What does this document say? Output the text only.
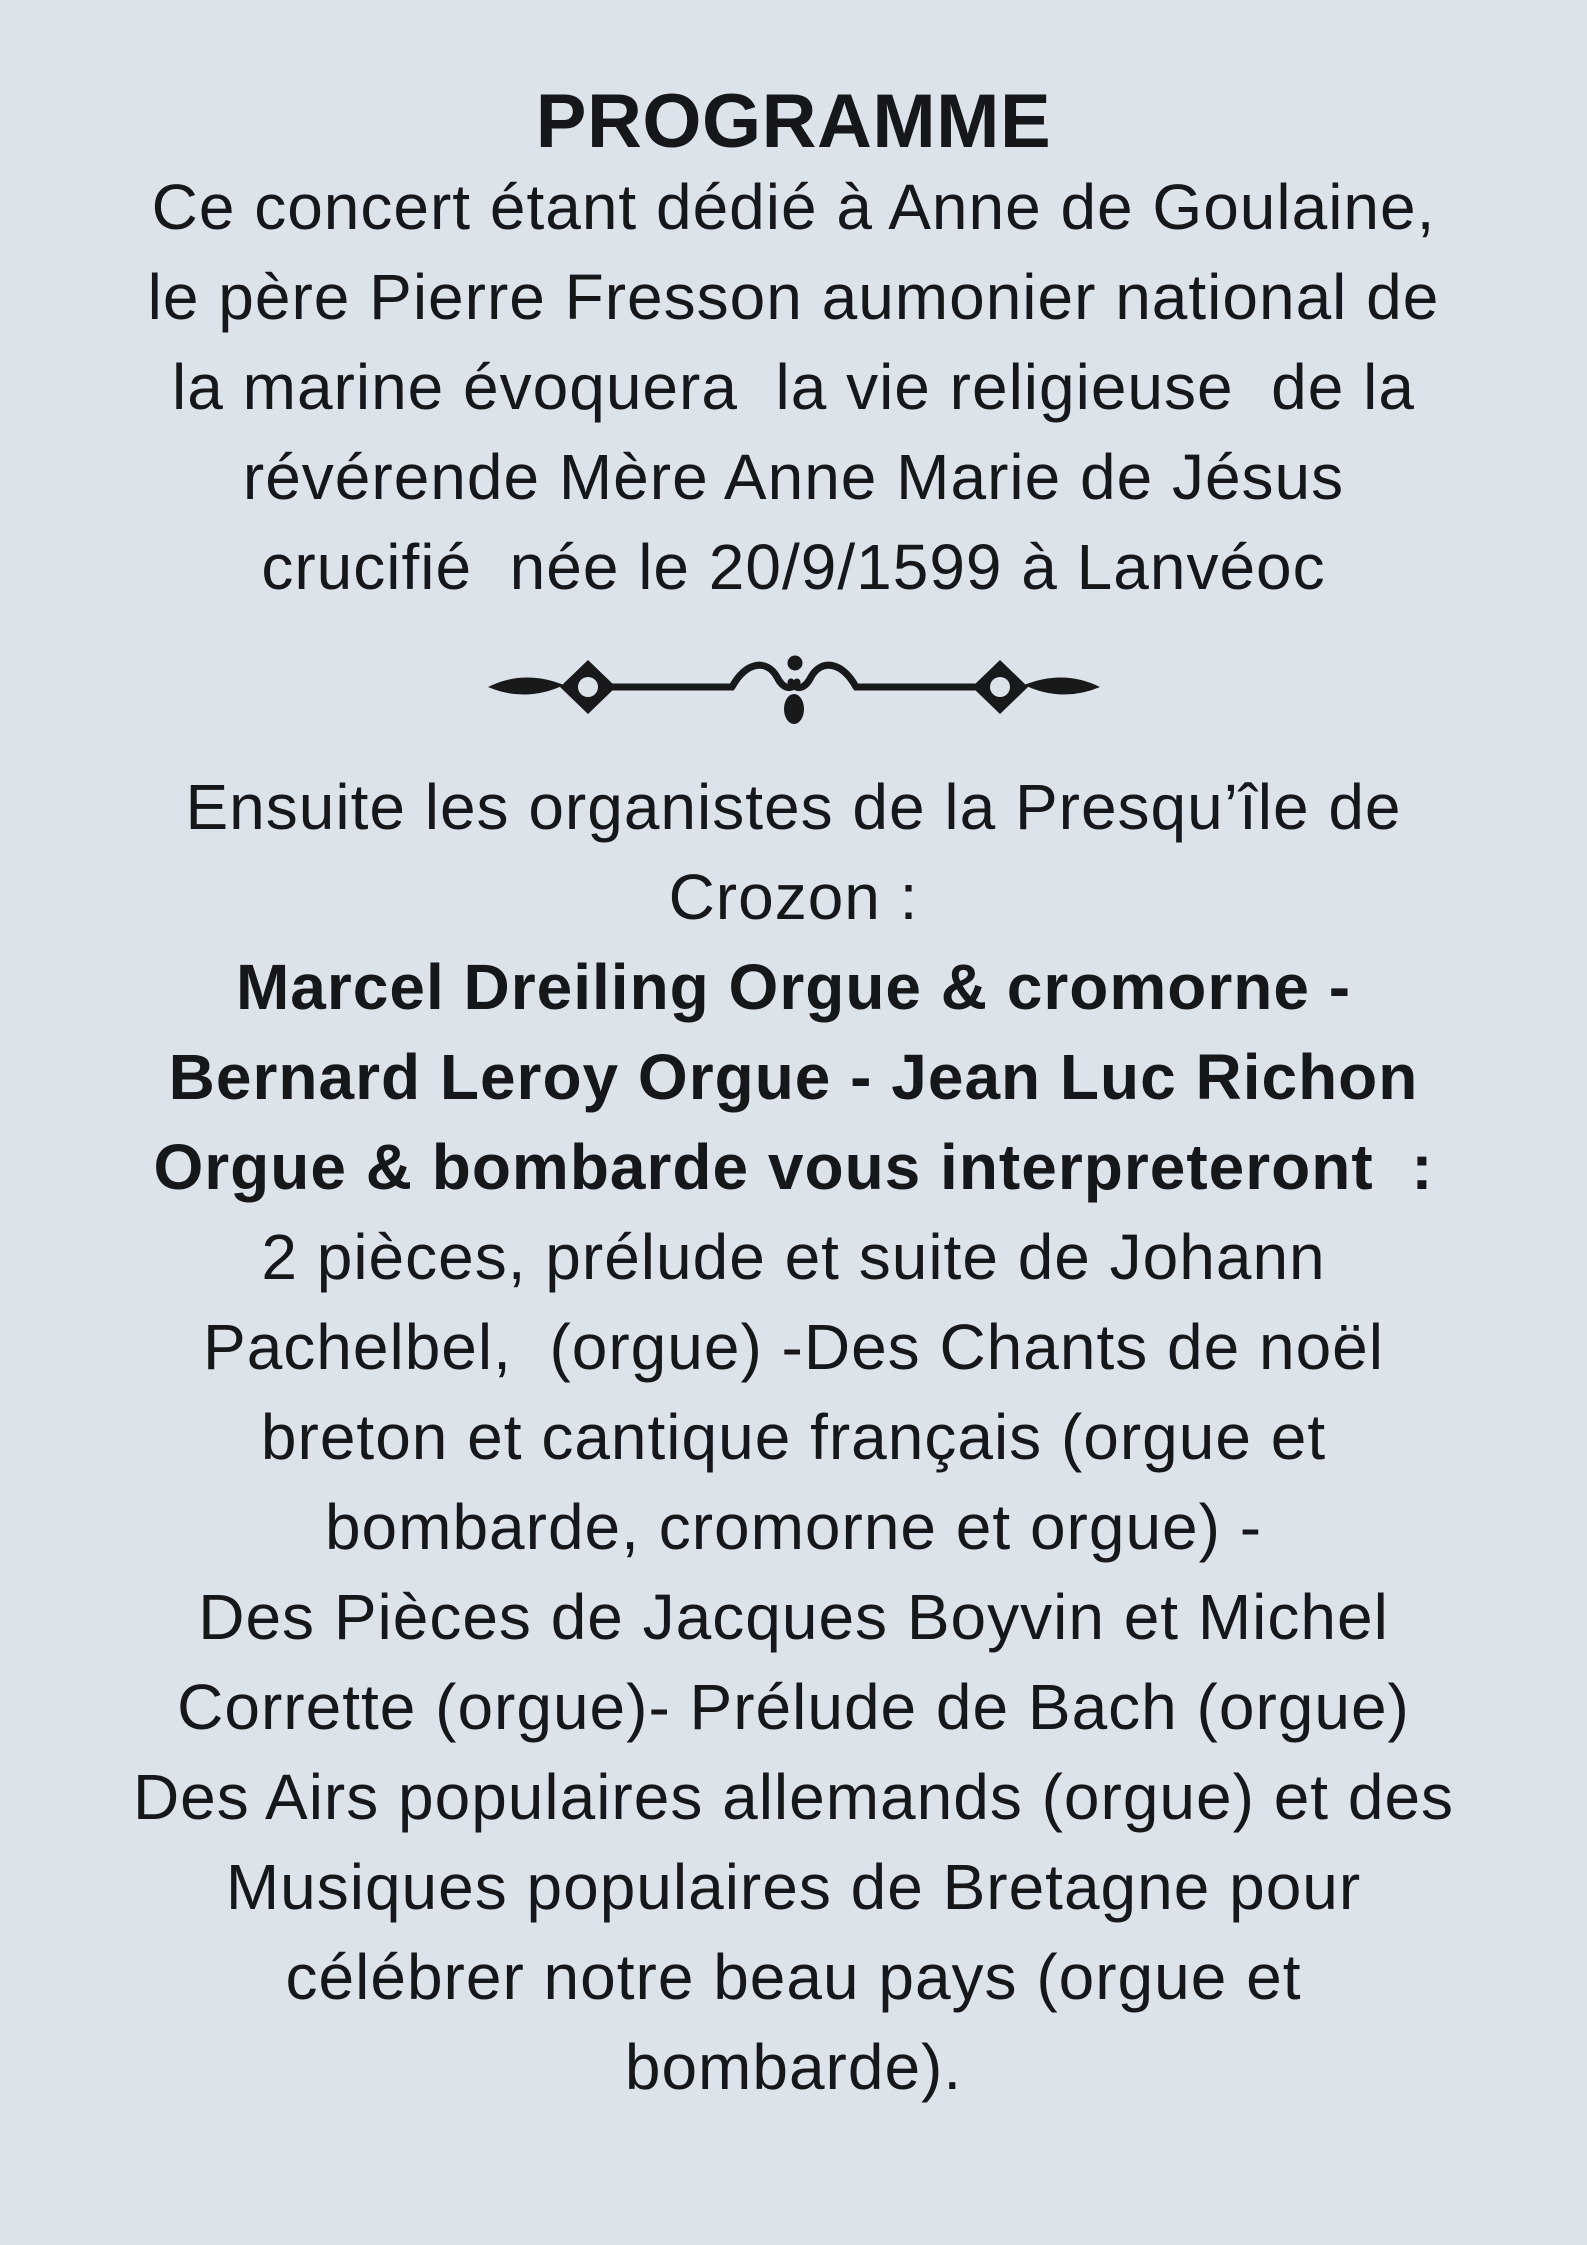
PROGRAMME
Ce concert étant dédié à Anne de Goulaine,
le père Pierre Fresson aumonier national de
la marine évoquera  la vie religieuse  de la
révérende Mère Anne Marie de Jésus
crucifié  née le 20/9/1599 à Lanvéoc
Ensuite les organistes de la Presqu’île de
Crozon :
Marcel Dreiling Orgue & cromorne -
Bernard Leroy Orgue - Jean Luc Richon
Orgue & bombarde vous interpreteront  :
2 pièces, prélude et suite de Johann
Pachelbel,  (orgue) -Des Chants de noël
breton et cantique français (orgue et
bombarde, cromorne et orgue) -
Des Pièces de Jacques Boyvin et Michel
Corrette (orgue)- Prélude de Bach (orgue)
Des Airs populaires allemands (orgue) et des
Musiques populaires de Bretagne pour
célébrer notre beau pays (orgue et
bombarde).
